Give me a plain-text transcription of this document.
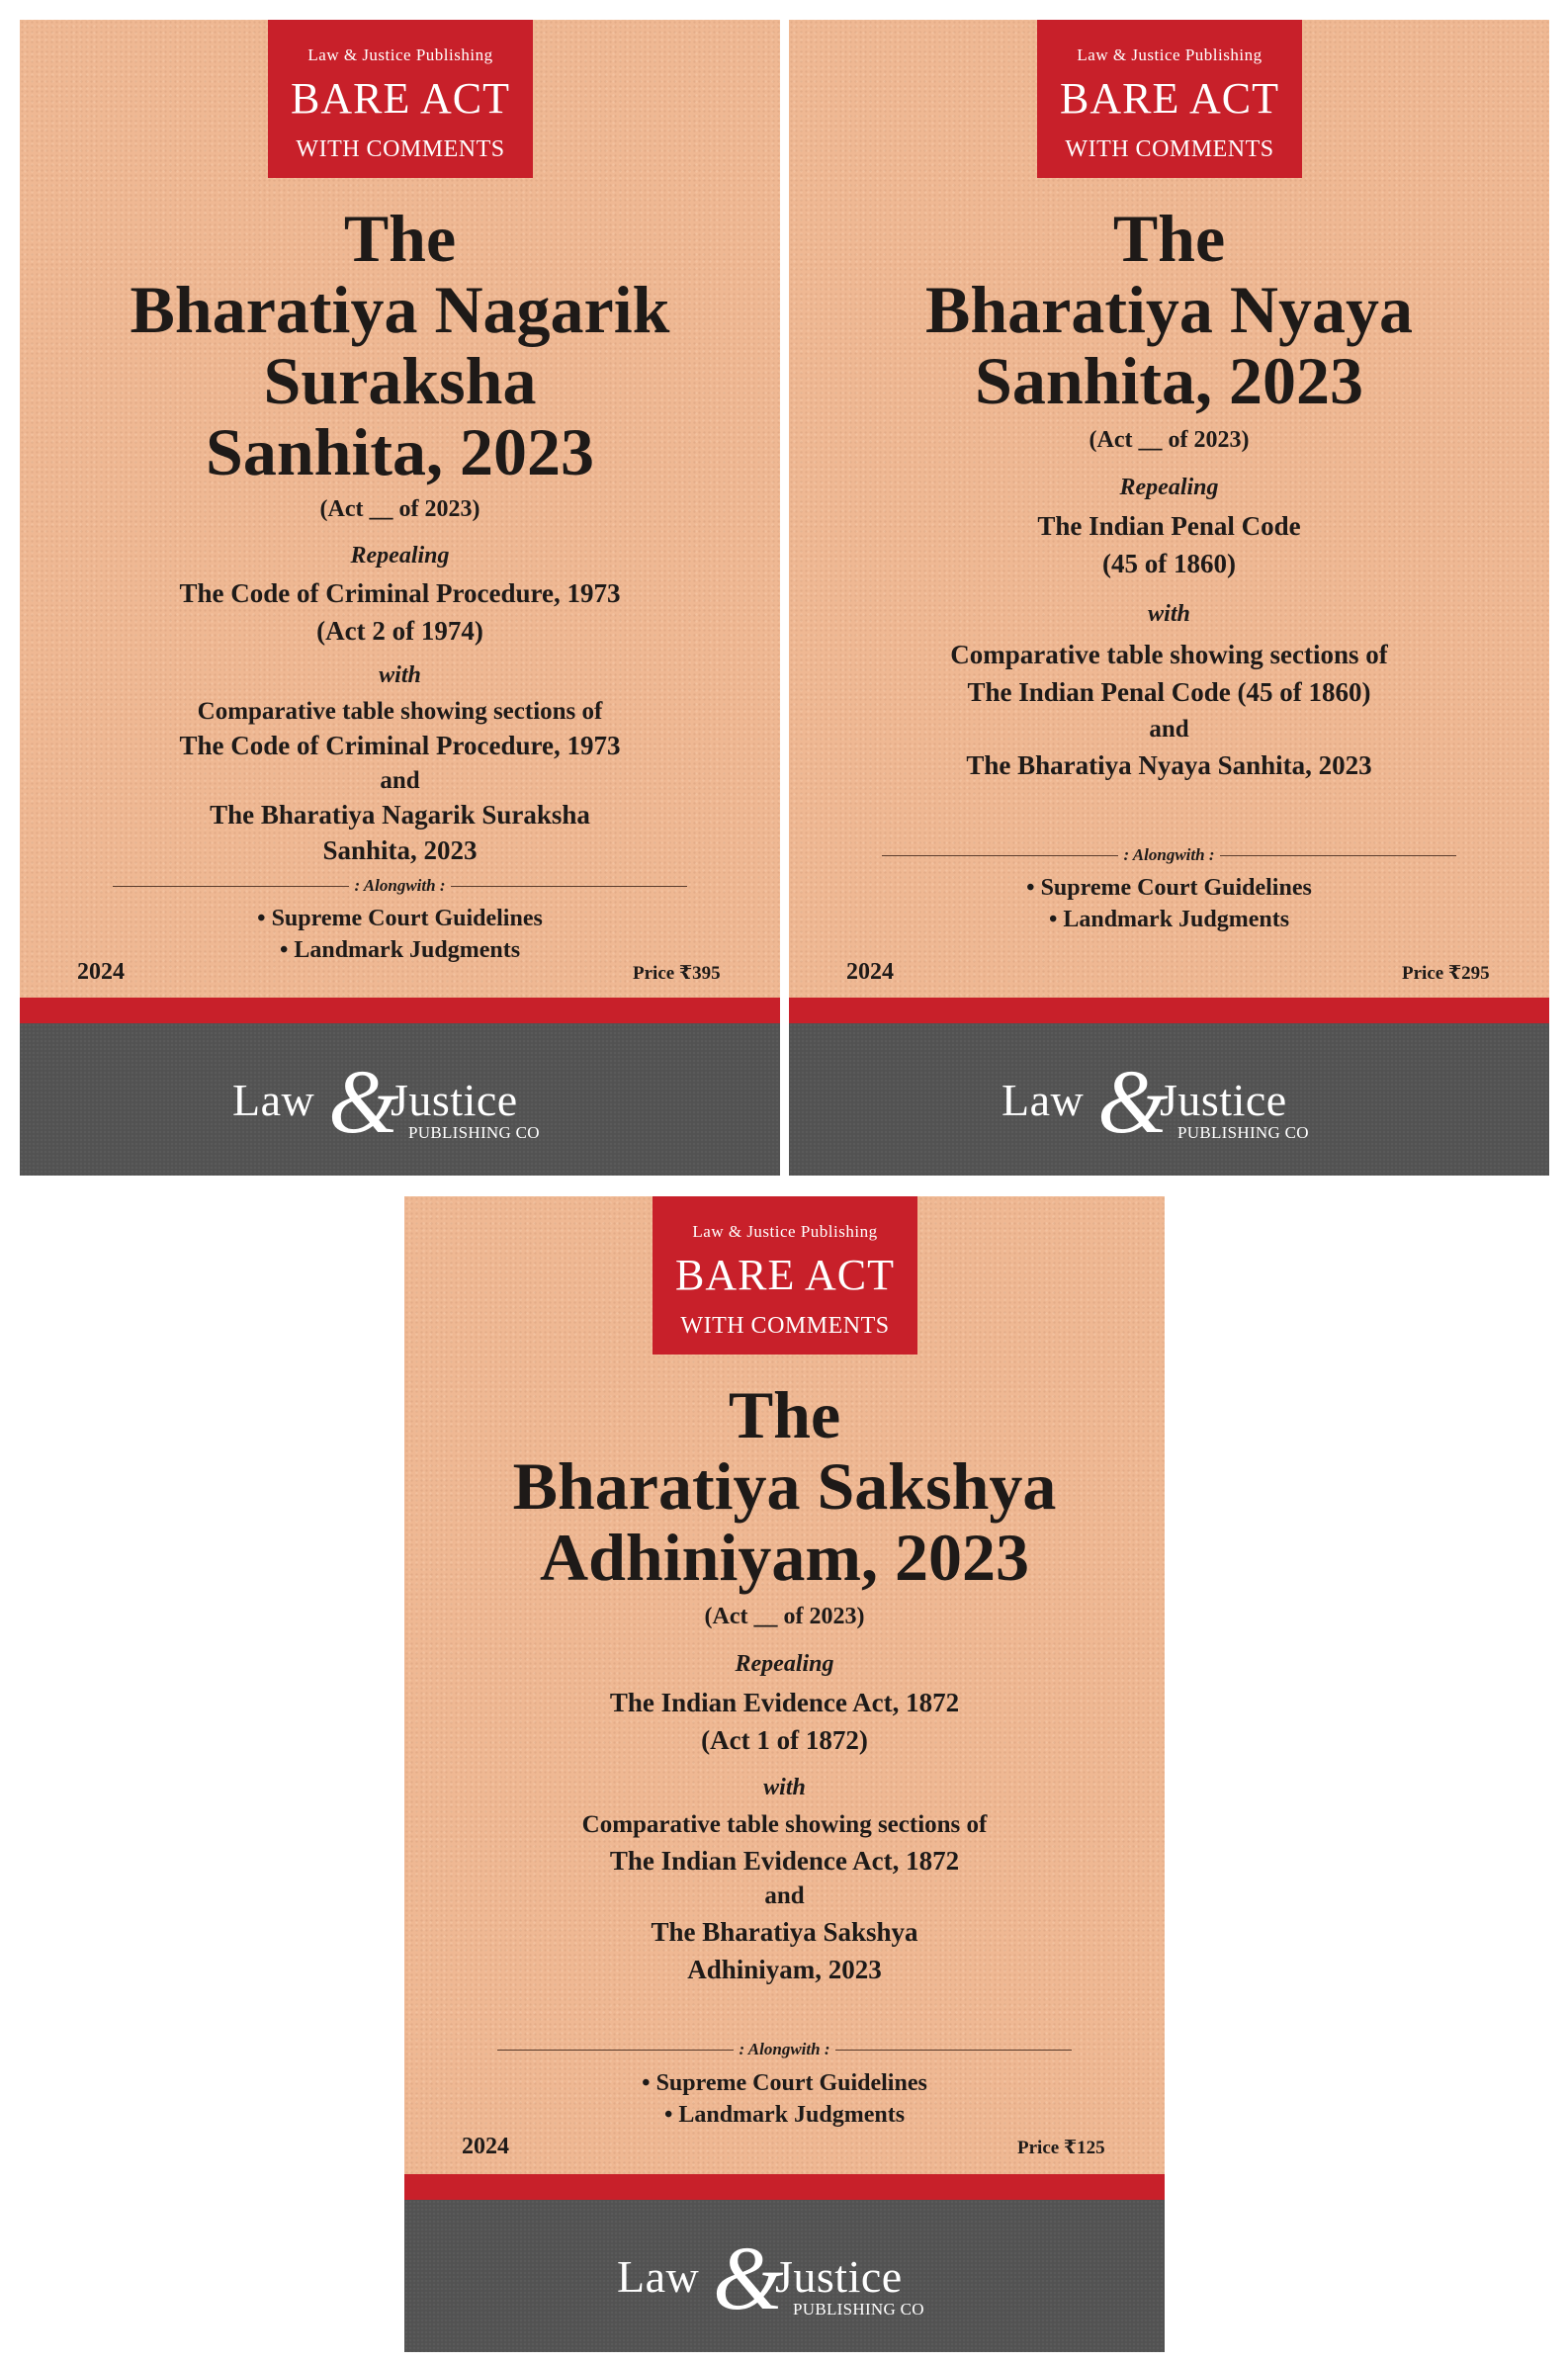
Law & Justice Publishing
BARE ACT
WITH COMMENTS
The
Bharatiya Nagarik
Suraksha
Sanhita, 2023
(Act __ of 2023)
Repealing
The Code of Criminal Procedure, 1973
(Act 2 of 1974)
with
Comparative table showing sections of
The Code of Criminal Procedure, 1973
and
The Bharatiya Nagarik Suraksha
Sanhita, 2023
: Alongwith :
• Supreme Court Guidelines
• Landmark Judgments
2024	Price ₹395
Law &
Justice
PUBLISHING CO
Law & Justice Publishing
BARE ACT
WITH COMMENTS
The
Bharatiya Nyaya
Sanhita, 2023
(Act __ of 2023)
Repealing
The Indian Penal Code
(45 of 1860)
with
Comparative table showing sections of
The Indian Penal Code (45 of 1860)
and
The Bharatiya Nyaya Sanhita, 2023
: Alongwith :
• Supreme Court Guidelines
• Landmark Judgments
2024	Price ₹295
Law &
Justice
PUBLISHING CO
Law & Justice Publishing
BARE ACT
WITH COMMENTS
The
Bharatiya Sakshya
Adhiniyam, 2023
(Act __ of 2023)
Repealing
The Indian Evidence Act, 1872
(Act 1 of 1872)
with
Comparative table showing sections of
The Indian Evidence Act, 1872
and
The Bharatiya Sakshya
Adhiniyam, 2023
: Alongwith :
• Supreme Court Guidelines
• Landmark Judgments
2024	Price ₹125
Law &
Justice
PUBLISHING CO
